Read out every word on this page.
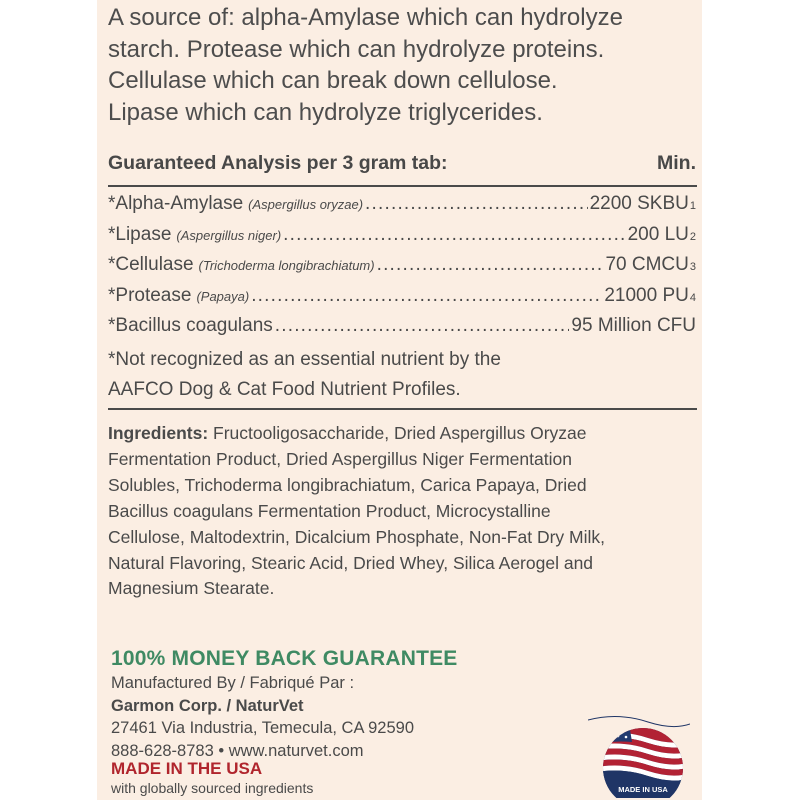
A source of: alpha-Amylase which can hydrolyze
starch. Protease which can hydrolyze proteins.
Cellulase which can break down cellulose.
Lipase which can hydrolyze triglycerides.
Guaranteed Analysis per 3 gram tab:	Min.
*Alpha-Amylase (Aspergillus oryzae) .....	2200 SKBU 1
*Lipase (Aspergillus niger) .....	200 LU 2
*Cellulase (Trichoderma longibrachiatum) .....	70 CMCU 3
*Protease (Papaya) .....	21000 PU 4
*Bacillus coagulans .....	95 Million CFU
*Not recognized as an essential nutrient by the
AAFCO Dog & Cat Food Nutrient Profiles.
Ingredients: Fructooligosaccharide, Dried Aspergillus Oryzae
Fermentation Product, Dried Aspergillus Niger Fermentation
Solubles, Trichoderma longibrachiatum, Carica Papaya, Dried
Bacillus coagulans Fermentation Product, Microcystalline
Cellulose, Maltodextrin, Dicalcium Phosphate, Non-Fat Dry Milk,
Natural Flavoring, Stearic Acid, Dried Whey, Silica Aerogel and
Magnesium Stearate.
100% MONEY BACK GUARANTEE
Manufactured By / Fabriqué Par :
Garmon Corp. / NaturVet
27461 Via Industria, Temecula, CA 92590
888-628-8783 • www.naturvet.com
MADE IN THE USA
with globally sourced ingredients	MADE IN USA
